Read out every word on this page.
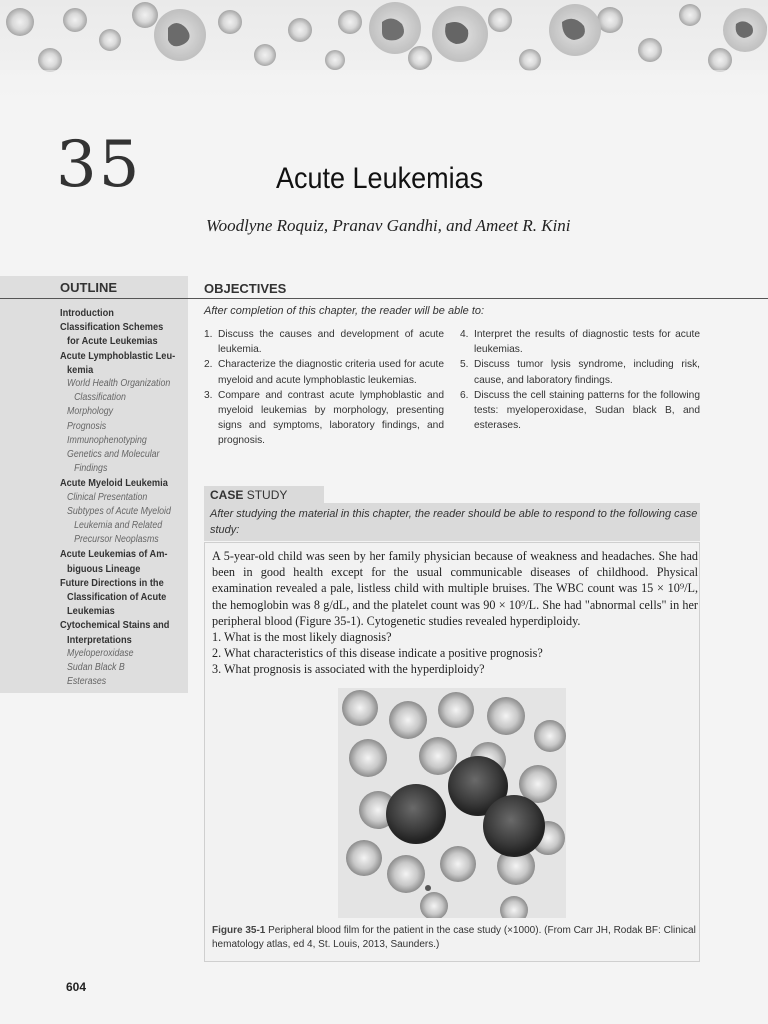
35	Acute Leukemias
Woodlyne Roquiz, Pranav Gandhi, and Ameet R. Kini
OUTLINE	OBJECTIVES
Introduction
Classification Schemes
for Acute Leukemias
Acute Lymphoblastic Leu-
kemia
World Health Organization
Classification
Morphology
Prognosis
Immunophenotyping
Genetics and Molecular
Findings
Acute Myeloid Leukemia
Clinical Presentation
Subtypes of Acute Myeloid
Leukemia and Related
Precursor Neoplasms
Acute Leukemias of Am-
biguous Lineage
Future Directions in the
Classification of Acute
Leukemias
Cytochemical Stains and
Interpretations
Myeloperoxidase
Sudan Black B
Esterases
After completion of this chapter, the reader will be able to:
1. Discuss the causes and development of acute leukemia.
2. Characterize the diagnostic criteria used for acute myeloid and acute lymphoblastic leukemias.
3. Compare and contrast acute lymphoblastic and myeloid leukemias by morphology, presenting signs and symptoms, laboratory findings, and prognosis.
4. Interpret the results of diagnostic tests for acute leukemias.
5. Discuss tumor lysis syndrome, including risk, cause, and laboratory findings.
6. Discuss the cell staining patterns for the following tests: myeloperoxidase, Sudan black B, and esterases.
CASE STUDY
After studying the material in this chapter, the reader should be able to respond to the following case study:
A 5-year-old child was seen by her family physician because of weakness and headaches. She had been in good health except for the usual communicable diseases of childhood. Physical examination revealed a pale, listless child with multiple bruises. The WBC count was 15 × 10⁹/L, the hemoglobin was 8 g/dL, and the platelet count was 90 × 10⁹/L. She had "abnormal cells" in her peripheral blood (Figure 35-1). Cytogenetic studies revealed hyperdiploidy.
1. What is the most likely diagnosis?
2. What characteristics of this disease indicate a positive prognosis?
3. What prognosis is associated with the hyperdiploidy?
Figure 35-1 Peripheral blood film for the patient in the case study (×1000). (From Carr JH, Rodak BF: Clinical hematology atlas, ed 4, St. Louis, 2013, Saunders.)
604
